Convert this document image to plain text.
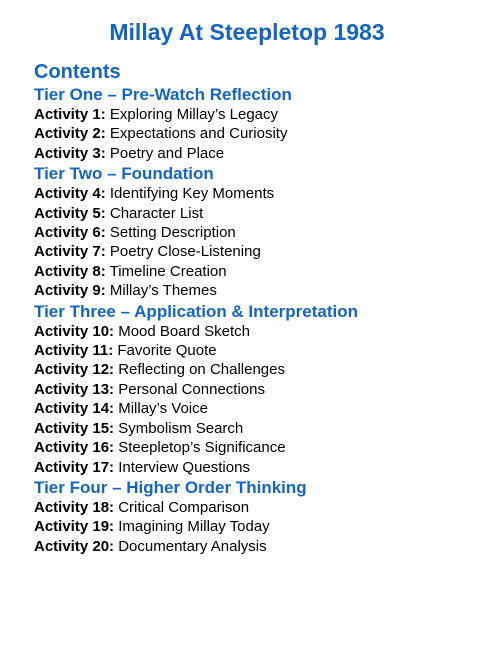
Millay At Steepletop 1983
Contents
Tier One – Pre-Watch Reflection
Activity 1: Exploring Millay’s Legacy
Activity 2: Expectations and Curiosity
Activity 3: Poetry and Place
Tier Two – Foundation
Activity 4: Identifying Key Moments
Activity 5: Character List
Activity 6: Setting Description
Activity 7: Poetry Close-Listening
Activity 8: Timeline Creation
Activity 9: Millay’s Themes
Tier Three – Application & Interpretation
Activity 10: Mood Board Sketch
Activity 11: Favorite Quote
Activity 12: Reflecting on Challenges
Activity 13: Personal Connections
Activity 14: Millay’s Voice
Activity 15: Symbolism Search
Activity 16: Steepletop’s Significance
Activity 17: Interview Questions
Tier Four – Higher Order Thinking
Activity 18: Critical Comparison
Activity 19: Imagining Millay Today
Activity 20: Documentary Analysis
